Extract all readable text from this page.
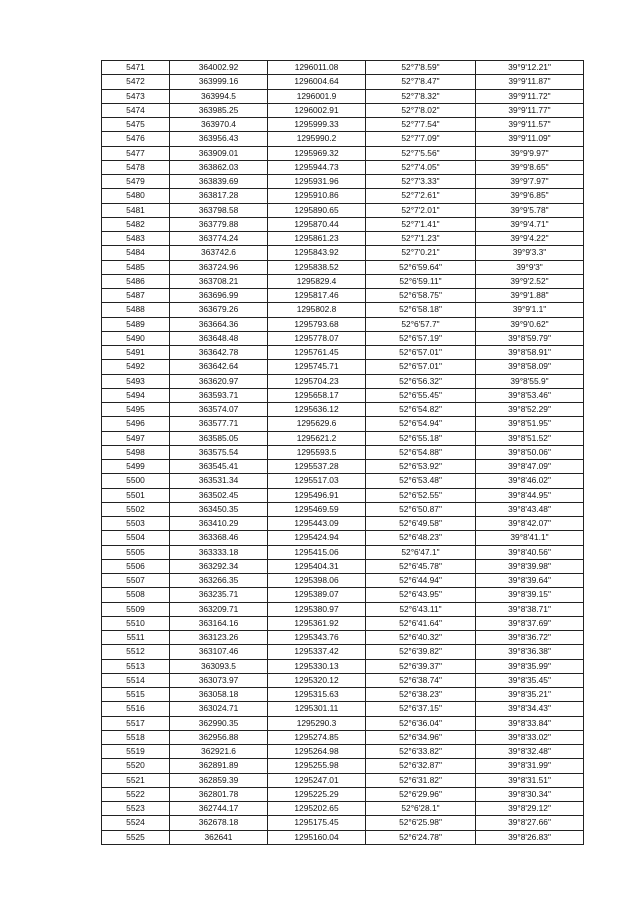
5471	364002.92	1296011.08	52°7'8.59"	39°9'12.21"
5472	363999.16	1296004.64	52°7'8.47"	39°9'11.87"
5473	363994.5	1296001.9	52°7'8.32"	39°9'11.72"
5474	363985.25	1296002.91	52°7'8.02"	39°9'11.77"
5475	363970.4	1295999.33	52°7'7.54"	39°9'11.57"
5476	363956.43	1295990.2	52°7'7.09"	39°9'11.09"
5477	363909.01	1295969.32	52°7'5.56"	39°9'9.97"
5478	363862.03	1295944.73	52°7'4.05"	39°9'8.65"
5479	363839.69	1295931.96	52°7'3.33"	39°9'7.97"
5480	363817.28	1295910.86	52°7'2.61"	39°9'6.85"
5481	363798.58	1295890.65	52°7'2.01"	39°9'5.78"
5482	363779.88	1295870.44	52°7'1.41"	39°9'4.71"
5483	363774.24	1295861.23	52°7'1.23"	39°9'4.22"
5484	363742.6	1295843.92	52°7'0.21"	39°9'3.3"
5485	363724.96	1295838.52	52°6'59.64"	39°9'3"
5486	363708.21	1295829.4	52°6'59.11"	39°9'2.52"
5487	363696.99	1295817.46	52°6'58.75"	39°9'1.88"
5488	363679.26	1295802.8	52°6'58.18"	39°9'1.1"
5489	363664.36	1295793.68	52°6'57.7"	39°9'0.62"
5490	363648.48	1295778.07	52°6'57.19"	39°8'59.79"
5491	363642.78	1295761.45	52°6'57.01"	39°8'58.91"
5492	363642.64	1295745.71	52°6'57.01"	39°8'58.09"
5493	363620.97	1295704.23	52°6'56.32"	39°8'55.9"
5494	363593.71	1295658.17	52°6'55.45"	39°8'53.46"
5495	363574.07	1295636.12	52°6'54.82"	39°8'52.29"
5496	363577.71	1295629.6	52°6'54.94"	39°8'51.95"
5497	363585.05	1295621.2	52°6'55.18"	39°8'51.52"
5498	363575.54	1295593.5	52°6'54.88"	39°8'50.06"
5499	363545.41	1295537.28	52°6'53.92"	39°8'47.09"
5500	363531.34	1295517.03	52°6'53.48"	39°8'46.02"
5501	363502.45	1295496.91	52°6'52.55"	39°8'44.95"
5502	363450.35	1295469.59	52°6'50.87"	39°8'43.48"
5503	363410.29	1295443.09	52°6'49.58"	39°8'42.07"
5504	363368.46	1295424.94	52°6'48.23"	39°8'41.1"
5505	363333.18	1295415.06	52°6'47.1"	39°8'40.56"
5506	363292.34	1295404.31	52°6'45.78"	39°8'39.98"
5507	363266.35	1295398.06	52°6'44.94"	39°8'39.64"
5508	363235.71	1295389.07	52°6'43.95"	39°8'39.15"
5509	363209.71	1295380.97	52°6'43.11"	39°8'38.71"
5510	363164.16	1295361.92	52°6'41.64"	39°8'37.69"
5511	363123.26	1295343.76	52°6'40.32"	39°8'36.72"
5512	363107.46	1295337.42	52°6'39.82"	39°8'36.38"
5513	363093.5	1295330.13	52°6'39.37"	39°8'35.99"
5514	363073.97	1295320.12	52°6'38.74"	39°8'35.45"
5515	363058.18	1295315.63	52°6'38.23"	39°8'35.21"
5516	363024.71	1295301.11	52°6'37.15"	39°8'34.43"
5517	362990.35	1295290.3	52°6'36.04"	39°8'33.84"
5518	362956.88	1295274.85	52°6'34.96"	39°8'33.02"
5519	362921.6	1295264.98	52°6'33.82"	39°8'32.48"
5520	362891.89	1295255.98	52°6'32.87"	39°8'31.99"
5521	362859.39	1295247.01	52°6'31.82"	39°8'31.51"
5522	362801.78	1295225.29	52°6'29.96"	39°8'30.34"
5523	362744.17	1295202.65	52°6'28.1"	39°8'29.12"
5524	362678.18	1295175.45	52°6'25.98"	39°8'27.66"
5525	362641	1295160.04	52°6'24.78"	39°8'26.83"
